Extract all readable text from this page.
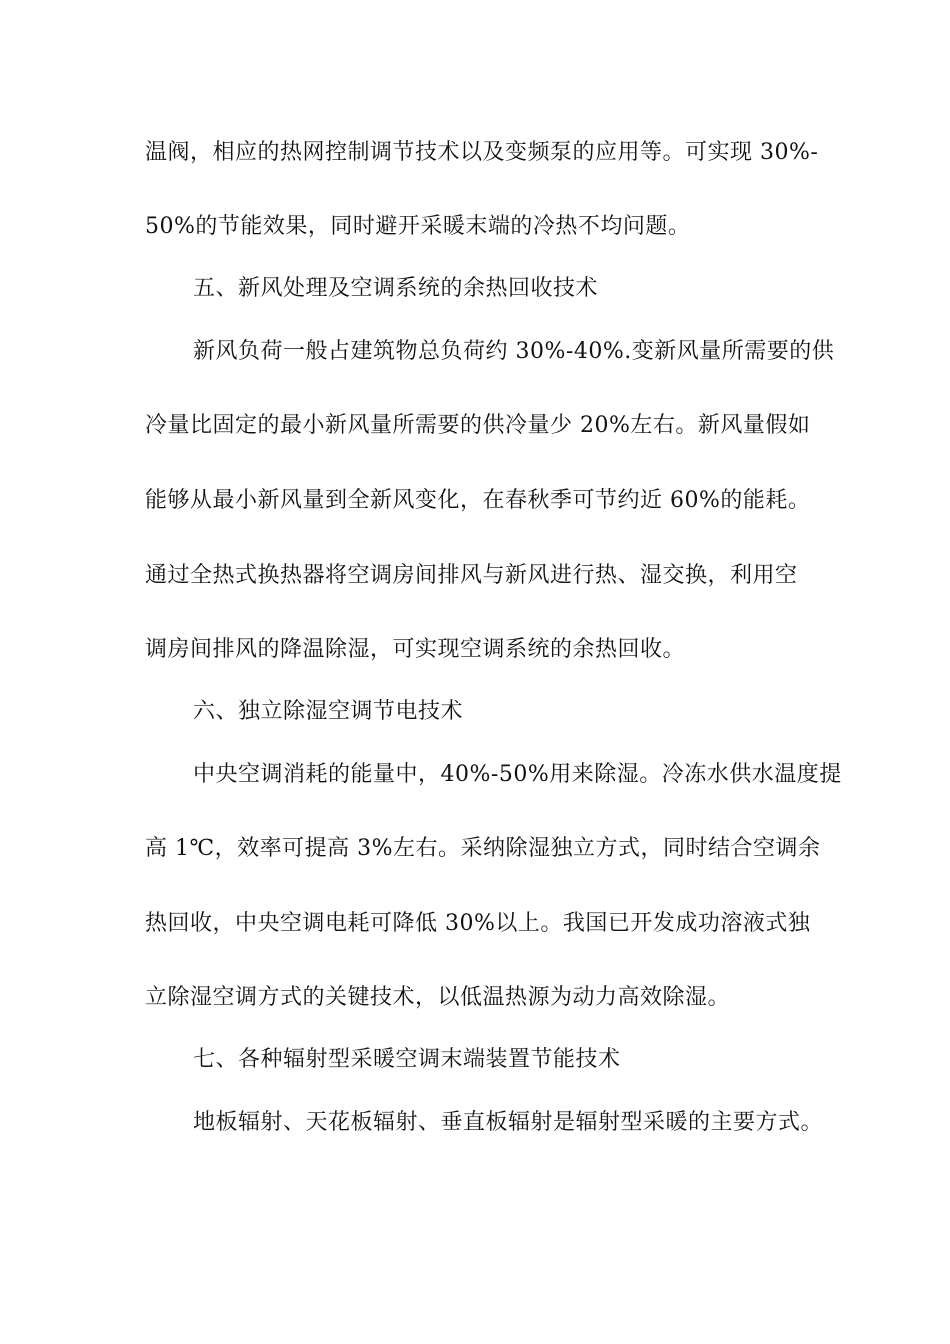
温阀，相应的热网控制调节技术以及变频泵的应用等。可实现 30%-
50%的节能效果，同时避开采暖末端的冷热不均问题。
五、新风处理及空调系统的余热回收技术
新风负荷一般占建筑物总负荷约 30%-40%.变新风量所需要的供
冷量比固定的最小新风量所需要的供冷量少 20%左右。新风量假如
能够从最小新风量到全新风变化，在春秋季可节约近 60%的能耗。
通过全热式换热器将空调房间排风与新风进行热、湿交换，利用空
调房间排风的降温除湿，可实现空调系统的余热回收。
六、独立除湿空调节电技术
中央空调消耗的能量中，40%-50%用来除湿。冷冻水供水温度提
高 1℃，效率可提高 3%左右。采纳除湿独立方式，同时结合空调余
热回收，中央空调电耗可降低 30%以上。我国已开发成功溶液式独
立除湿空调方式的关键技术，以低温热源为动力高效除湿。
七、各种辐射型采暖空调末端装置节能技术
地板辐射、天花板辐射、垂直板辐射是辐射型采暖的主要方式。
